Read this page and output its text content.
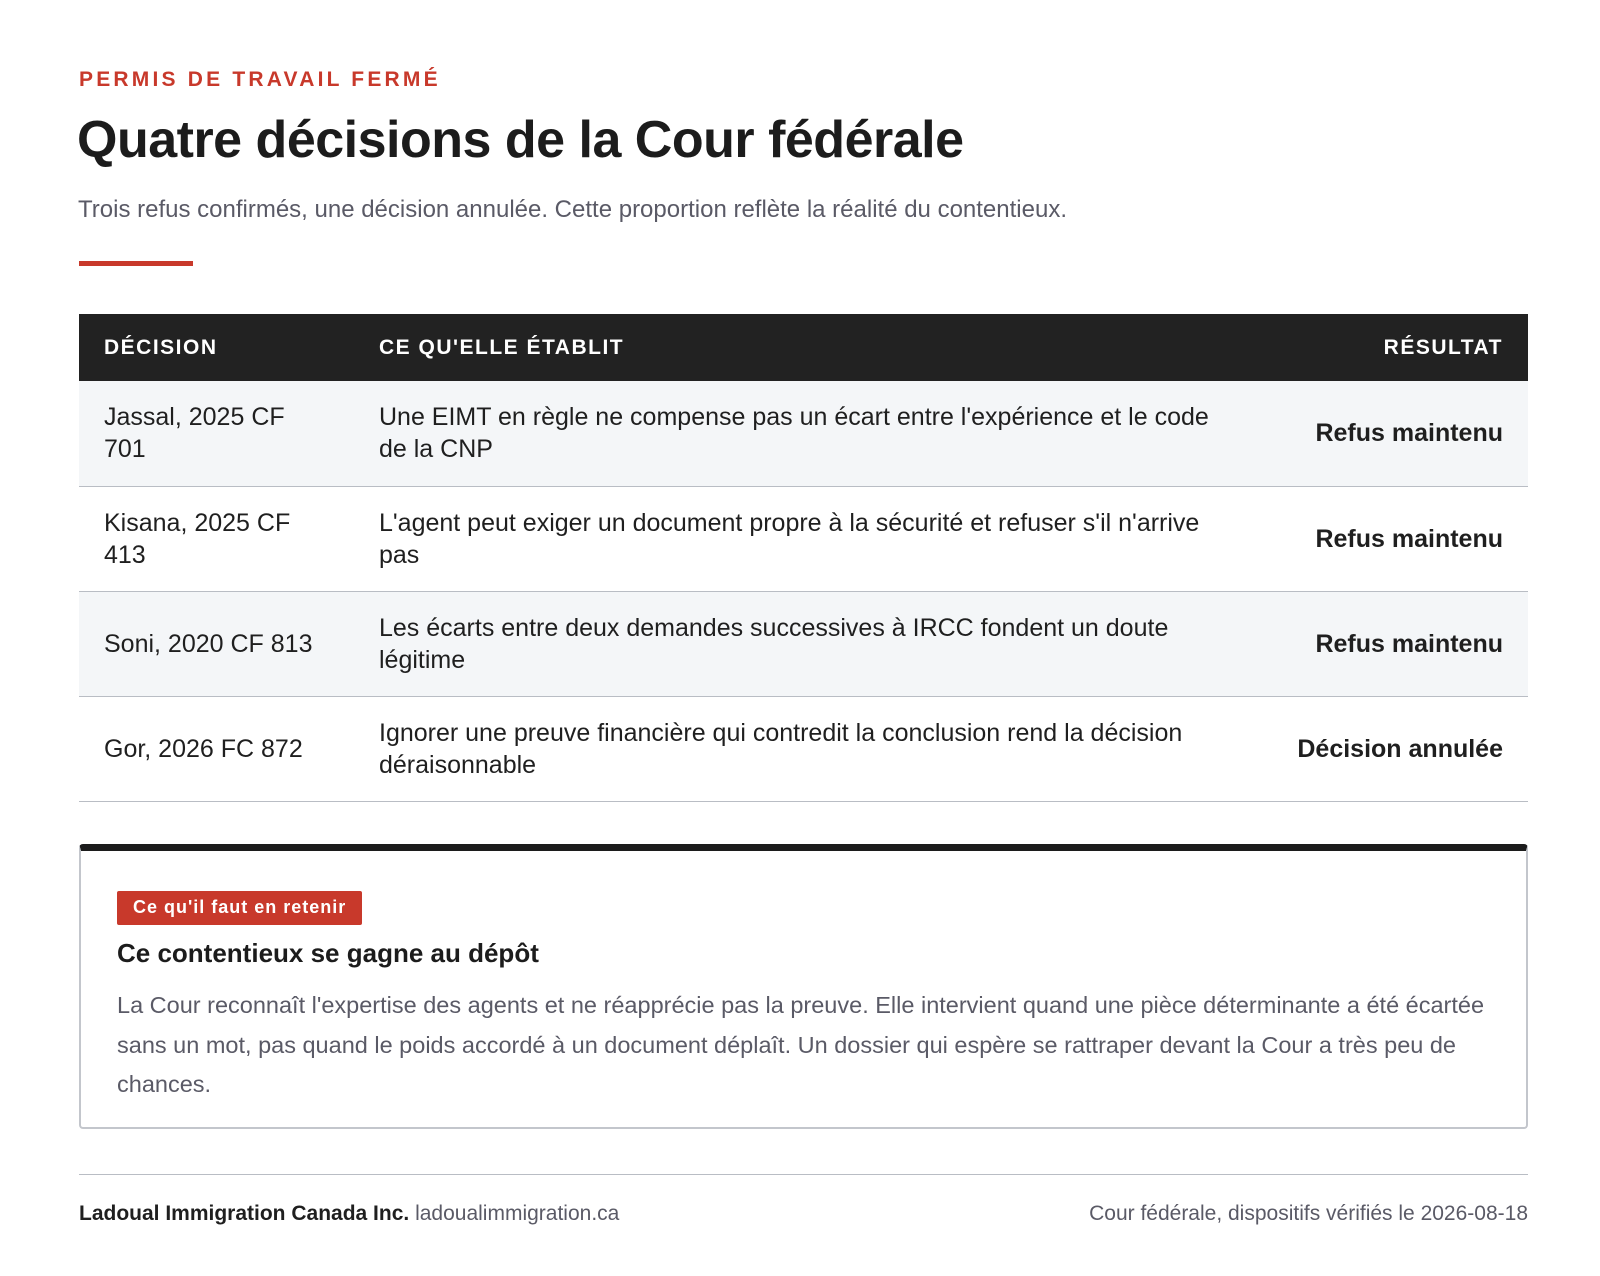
PERMIS DE TRAVAIL FERMÉ
Quatre décisions de la Cour fédérale

Trois refus confirmés, une décision annulée. Cette proportion reflète la réalité du contentieux.

DÉCISION	CE QU'ELLE ÉTABLIT	RÉSULTAT
Jassal, 2025 CF 701	Une EIMT en règle ne compense pas un écart entre l'expérience et le code de la CNP	Refus maintenu
Kisana, 2025 CF 413	L'agent peut exiger un document propre à la sécurité et refuser s'il n'arrive pas	Refus maintenu
Soni, 2020 CF 813	Les écarts entre deux demandes successives à IRCC fondent un doute légitime	Refus maintenu
Gor, 2026 FC 872	Ignorer une preuve financière qui contredit la conclusion rend la décision déraisonnable	Décision annulée
Ce qu'il faut en retenir
Ce contentieux se gagne au dépôt

La Cour reconnaît l'expertise des agents et ne réapprécie pas la preuve. Elle intervient quand une pièce déterminante a été écartée sans un mot, pas quand le poids accordé à un document déplaît. Un dossier qui espère se rattraper devant la Cour a très peu de chances.

Ladoual Immigration Canada Inc. ladoualimmigration.ca	Cour fédérale, dispositifs vérifiés le 2026-08-18
